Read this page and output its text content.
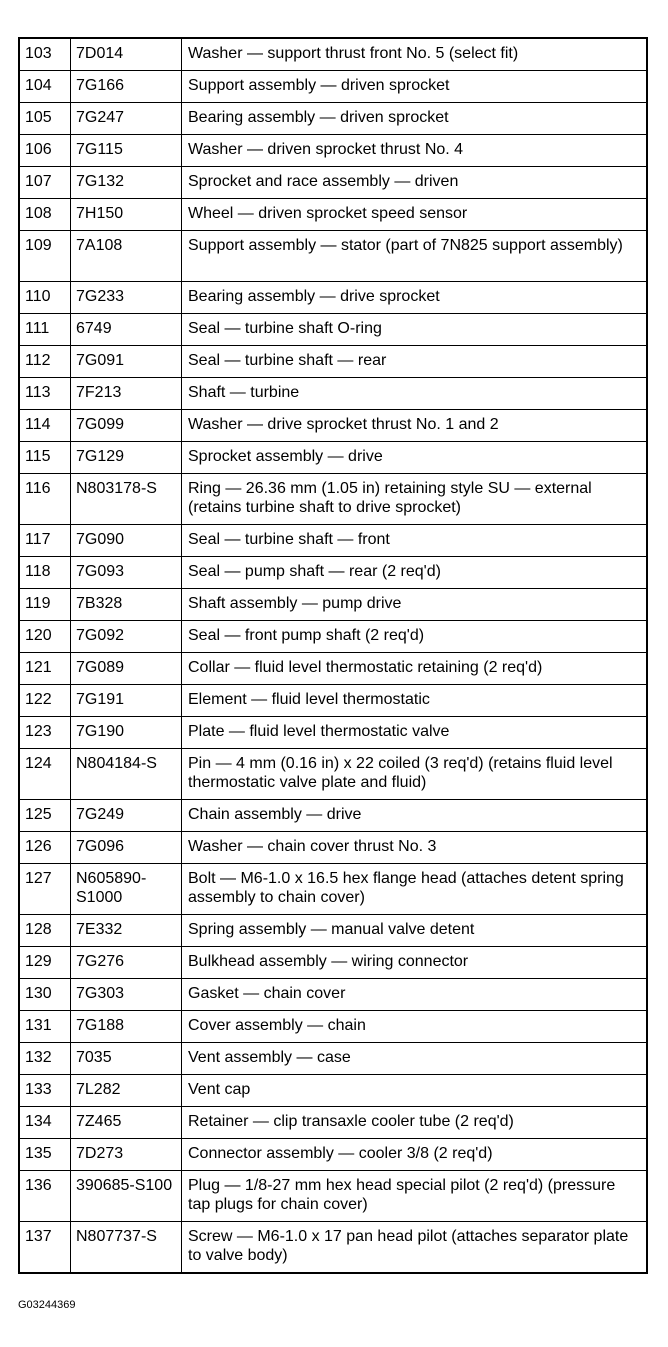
103	7D014	Washer — support thrust front No. 5 (select fit)
104	7G166	Support assembly — driven sprocket
105	7G247	Bearing assembly — driven sprocket
106	7G115	Washer — driven sprocket thrust No. 4
107	7G132	Sprocket and race assembly — driven
108	7H150	Wheel — driven sprocket speed sensor
109	7A108	Support assembly — stator (part of 7N825 support assembly)
110	7G233	Bearing assembly — drive sprocket
111	6749	Seal — turbine shaft O-ring
112	7G091	Seal — turbine shaft — rear
113	7F213	Shaft — turbine
114	7G099	Washer — drive sprocket thrust No. 1 and 2
115	7G129	Sprocket assembly — drive
116	N803178-S	Ring — 26.36 mm (1.05 in) retaining style SU — external (retains turbine shaft to drive sprocket)
117	7G090	Seal — turbine shaft — front
118	7G093	Seal — pump shaft — rear (2 req'd)
119	7B328	Shaft assembly — pump drive
120	7G092	Seal — front pump shaft (2 req'd)
121	7G089	Collar — fluid level thermostatic retaining (2 req'd)
122	7G191	Element — fluid level thermostatic
123	7G190	Plate — fluid level thermostatic valve
124	N804184-S	Pin — 4 mm (0.16 in) x 22 coiled (3 req'd) (retains fluid level thermostatic valve plate and fluid)
125	7G249	Chain assembly — drive
126	7G096	Washer — chain cover thrust No. 3
127	N605890-S1000	Bolt — M6-1.0 x 16.5 hex flange head (attaches detent spring assembly to chain cover)
128	7E332	Spring assembly — manual valve detent
129	7G276	Bulkhead assembly — wiring connector
130	7G303	Gasket — chain cover
131	7G188	Cover assembly — chain
132	7035	Vent assembly — case
133	7L282	Vent cap
134	7Z465	Retainer — clip transaxle cooler tube (2 req'd)
135	7D273	Connector assembly — cooler 3/8 (2 req'd)
136	390685-S100	Plug — 1/8-27 mm hex head special pilot (2 req'd) (pressure tap plugs for chain cover)
137	N807737-S	Screw — M6-1.0 x 17 pan head pilot (attaches separator plate to valve body)
G03244369
